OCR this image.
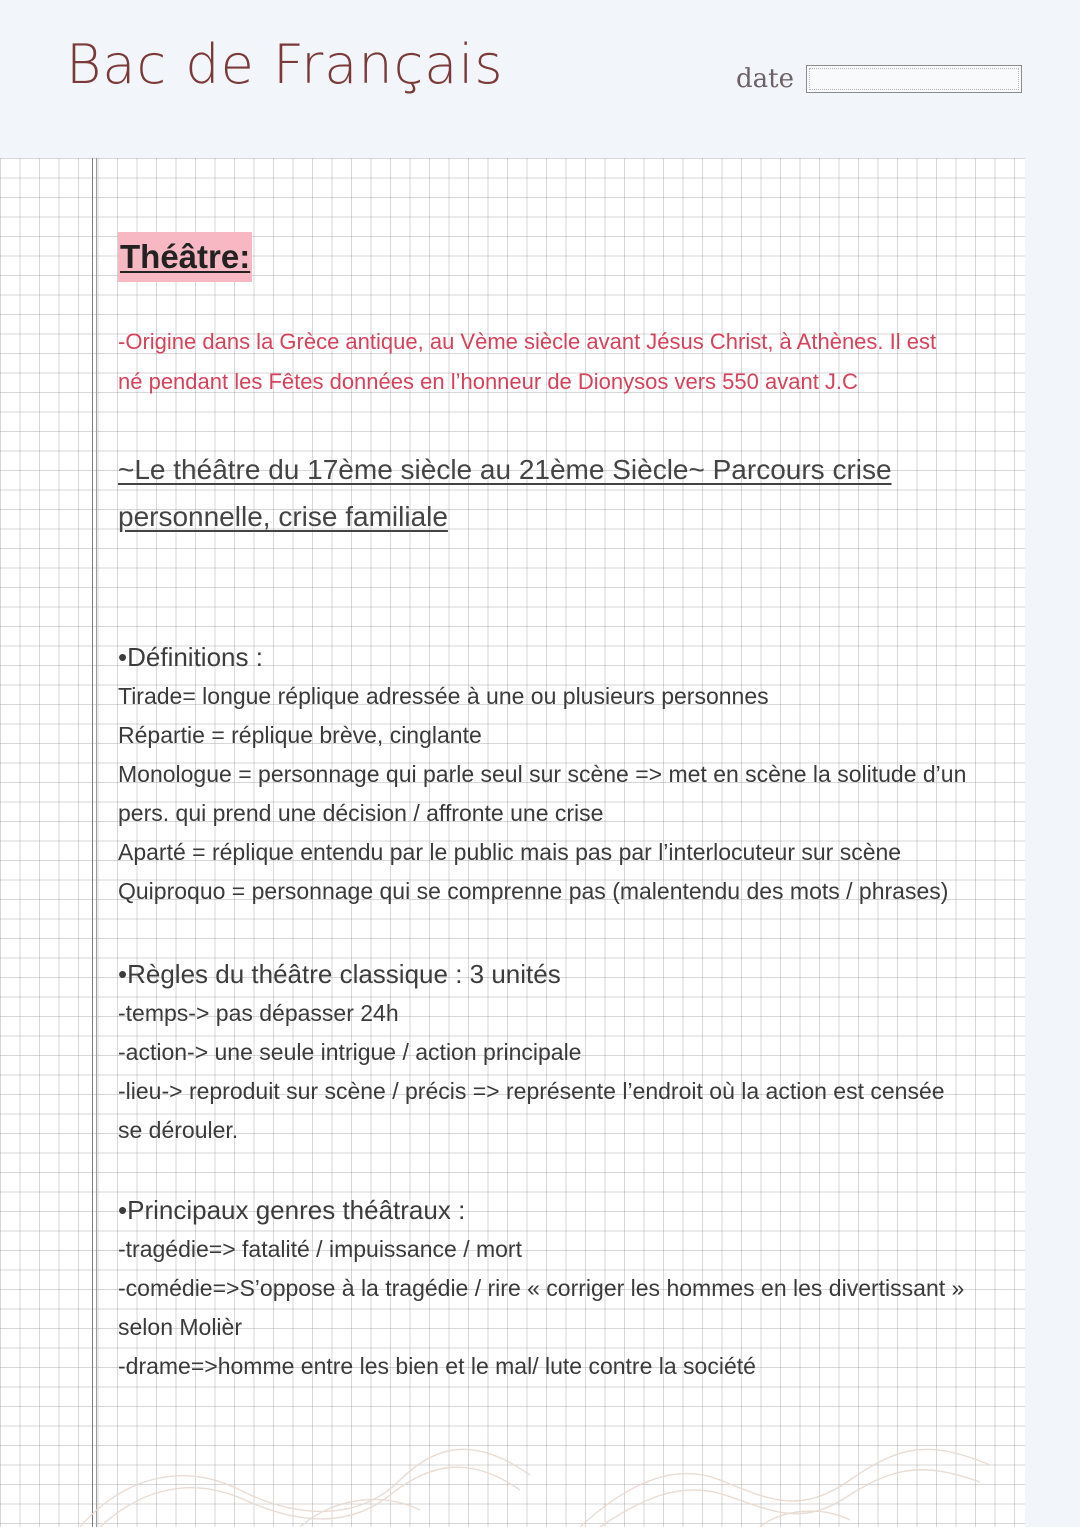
Bac de Français	date

Théâtre:

-Origine dans la Grèce antique, au Vème siècle avant Jésus Christ, à Athènes. Il est
né pendant les Fêtes données en l’honneur de Dionysos vers 550 avant J.C

~Le théâtre du 17ème siècle au 21ème Siècle~ Parcours crise
personnelle, crise familiale

•Définitions :

Tirade= longue réplique adressée à une ou plusieurs personnes

Répartie = réplique brève, cinglante

Monologue = personnage qui parle seul sur scène => met en scène la solitude d’un

pers. qui prend une décision / affronte une crise

Aparté = réplique entendu par le public mais pas par l’interlocuteur sur scène

Quiproquo = personnage qui se comprenne pas (malentendu des mots / phrases)

•Règles du théâtre classique : 3 unités

-temps-> pas dépasser 24h

-action-> une seule intrigue / action principale

-lieu-> reproduit sur scène / précis => représente l’endroit où la action est censée

se dérouler.

•Principaux genres théâtraux :

-tragédie=> fatalité / impuissance / mort

-comédie=>S’oppose à la tragédie / rire « corriger les hommes en les divertissant »

selon Molièr

-drame=>homme entre les bien et le mal/ lute contre la société
